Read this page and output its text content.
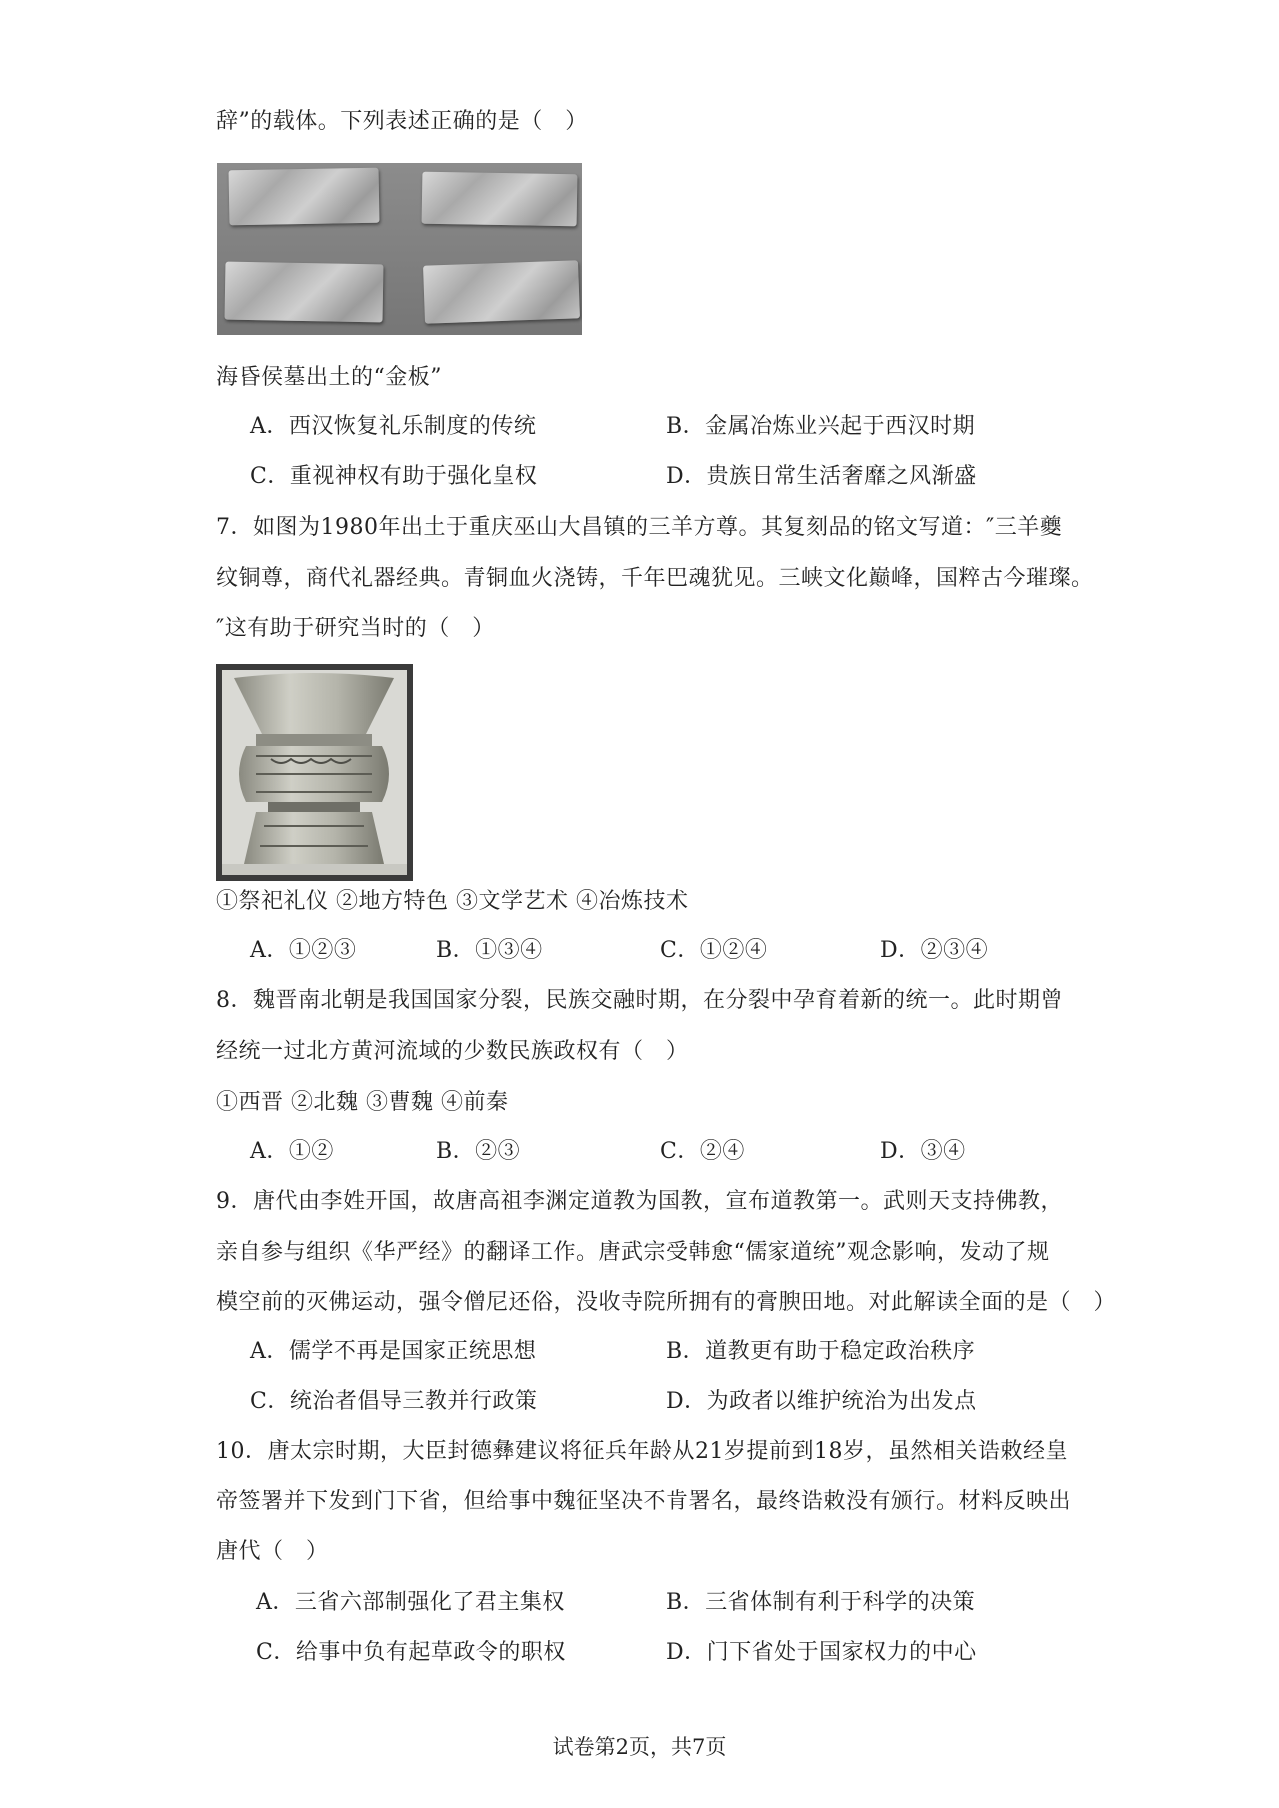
辞”的载体。下列表述正确的是（　）
海昏侯墓出土的“金板”
A．西汉恢复礼乐制度的传统	B．金属冶炼业兴起于西汉时期
C．重视神权有助于强化皇权	D．贵族日常生活奢靡之风渐盛
7．如图为1980年出土于重庆巫山大昌镇的三羊方尊。其复刻品的铭文写道：″三羊夔
纹铜尊，商代礼器经典。青铜血火浇铸，千年巴魂犹见。三峡文化巅峰，国粹古今璀璨。
″这有助于研究当时的（　）
①祭祀礼仪 ②地方特色 ③文学艺术 ④冶炼技术
A．①②③	B．①③④	C．①②④	D．②③④
8．魏晋南北朝是我国国家分裂，民族交融时期，在分裂中孕育着新的统一。此时期曾
经统一过北方黄河流域的少数民族政权有（　）
①西晋 ②北魏 ③曹魏 ④前秦
A．①②	B．②③	C．②④	D．③④
9．唐代由李姓开国，故唐高祖李渊定道教为国教，宣布道教第一。武则天支持佛教，
亲自参与组织《华严经》的翻译工作。唐武宗受韩愈“儒家道统”观念影响，发动了规
模空前的灭佛运动，强令僧尼还俗，没收寺院所拥有的膏腴田地。对此解读全面的是（　）
A．儒学不再是国家正统思想	B．道教更有助于稳定政治秩序
C．统治者倡导三教并行政策	D．为政者以维护统治为出发点
10．唐太宗时期，大臣封德彝建议将征兵年龄从21岁提前到18岁，虽然相关诰敕经皇
帝签署并下发到门下省，但给事中魏征坚决不肯署名，最终诰敕没有颁行。材料反映出
唐代（　）
A．三省六部制强化了君主集权	B．三省体制有利于科学的决策
C．给事中负有起草政令的职权	D．门下省处于国家权力的中心
试卷第2页，共7页
